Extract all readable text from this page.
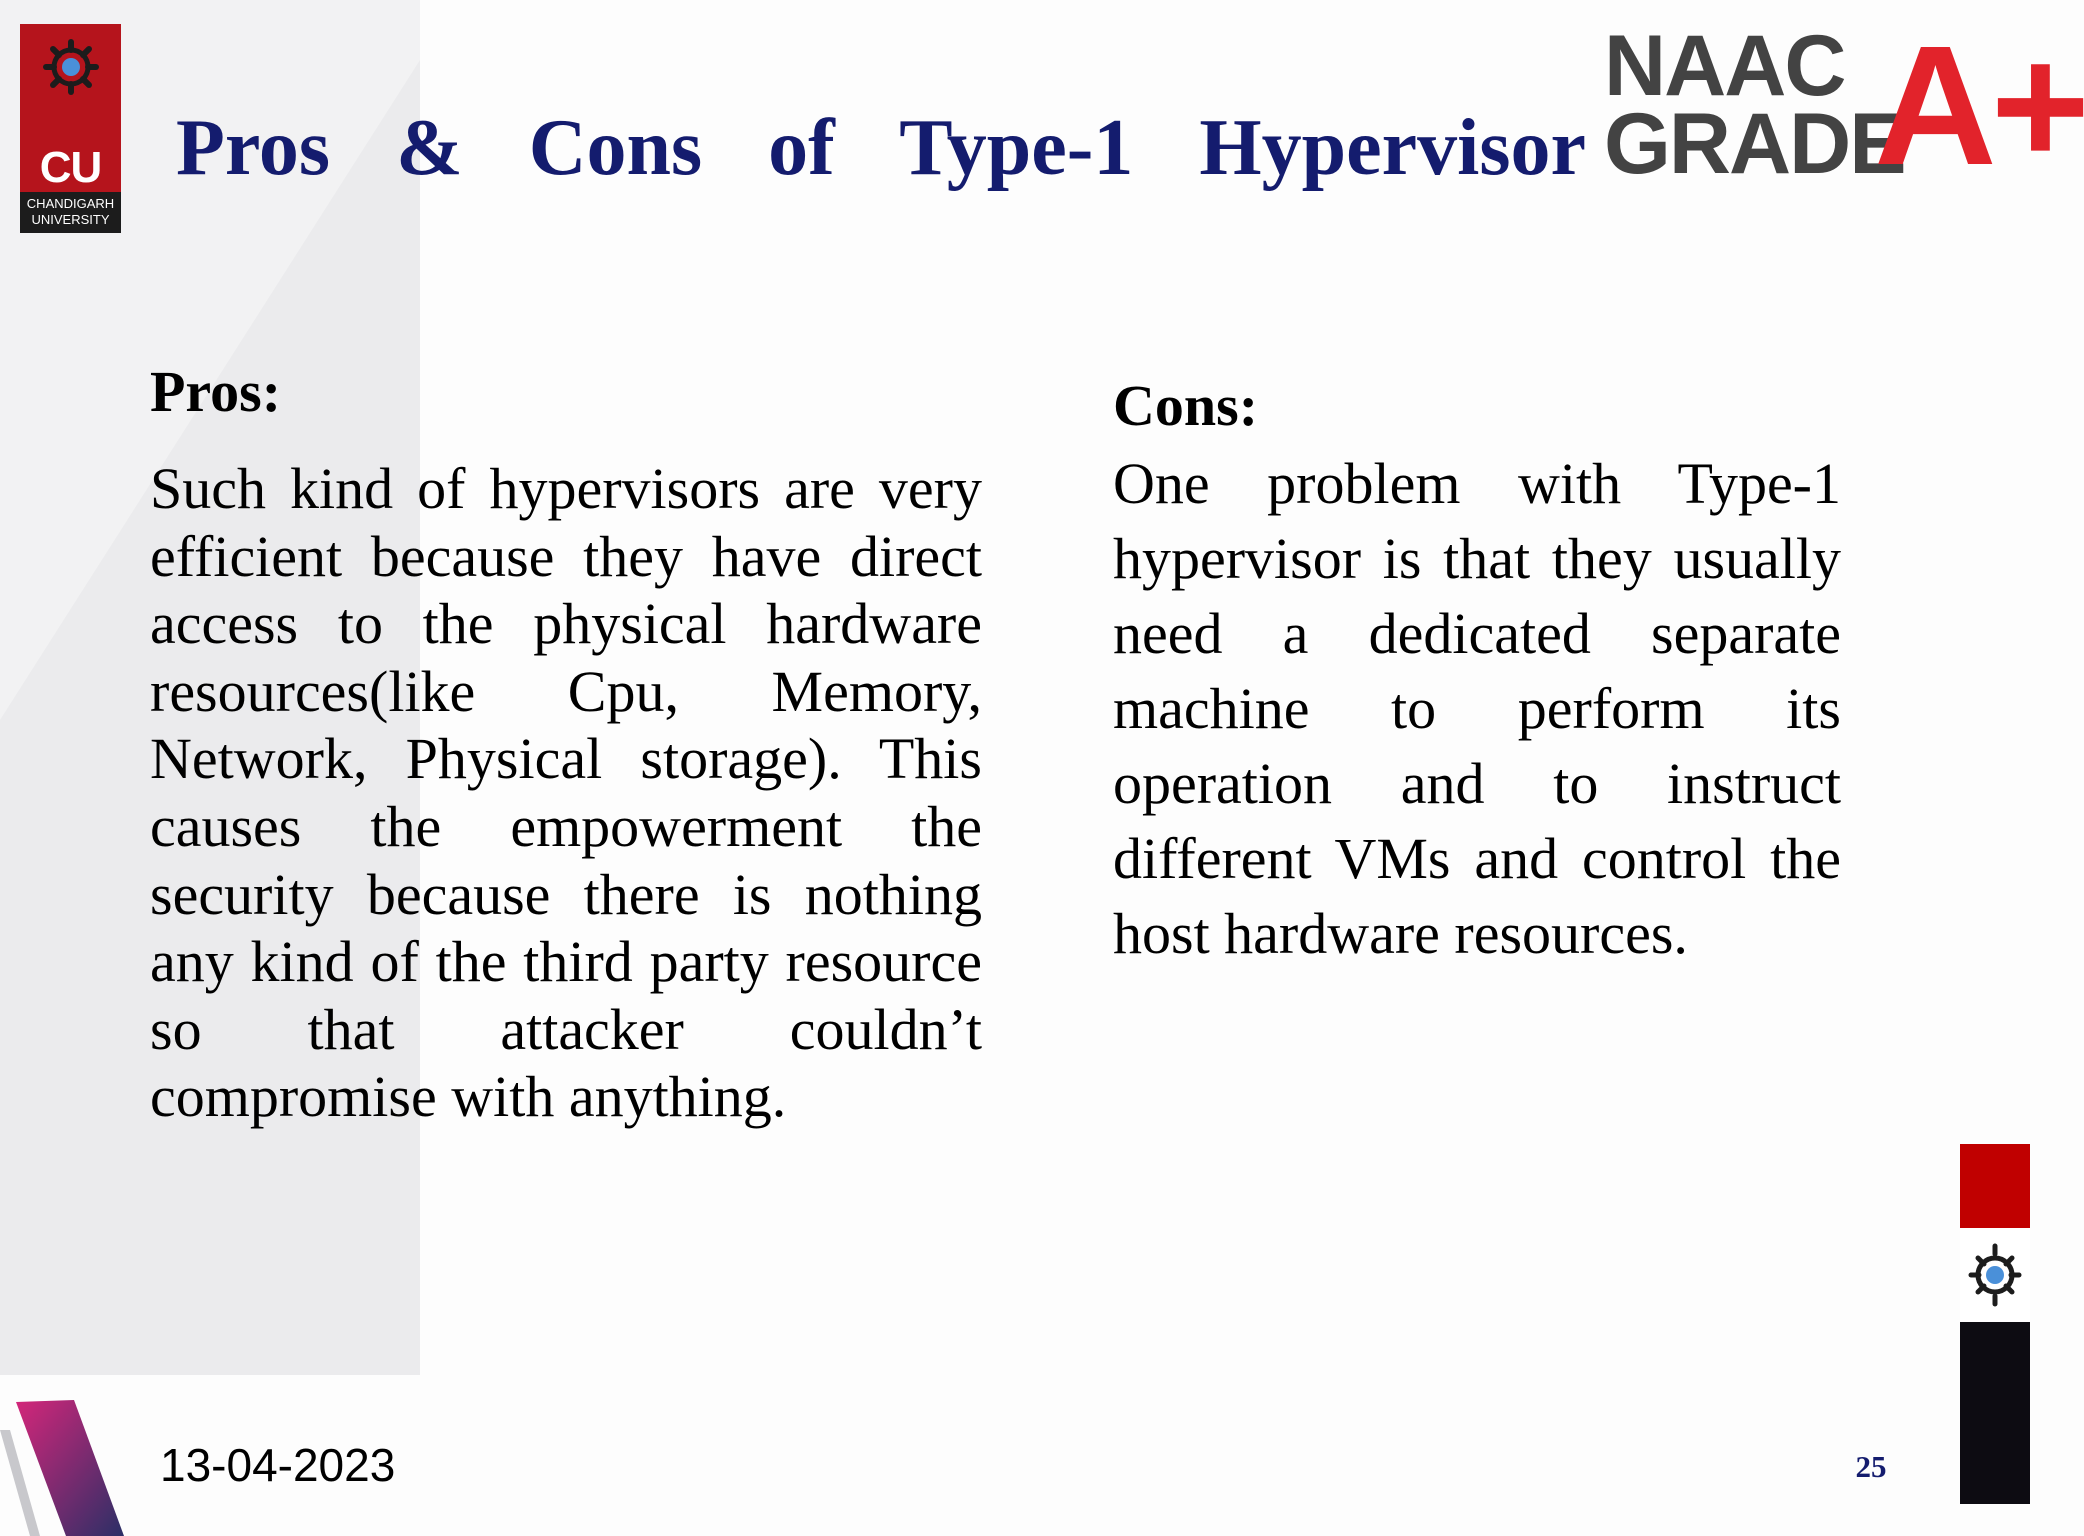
CU
CHANDIGARH
UNIVERSITY
Pros & Cons of Type-1 Hypervisor
NAAC
GRADE
A+
Pros:

Such kind of hypervisors are very efficient because they have direct access to the physical hardware resources(like Cpu, Memory, Network, Physical storage). This causes the empowerment the security because there is nothing any kind of the third party resource so that attacker couldn’t compromise with anything.

Cons:

One problem with Type-1 hypervisor is that they usually need a dedicated separate machine to perform its operation and to instruct different VMs and control the host hardware resources.

13-04-2023	25
